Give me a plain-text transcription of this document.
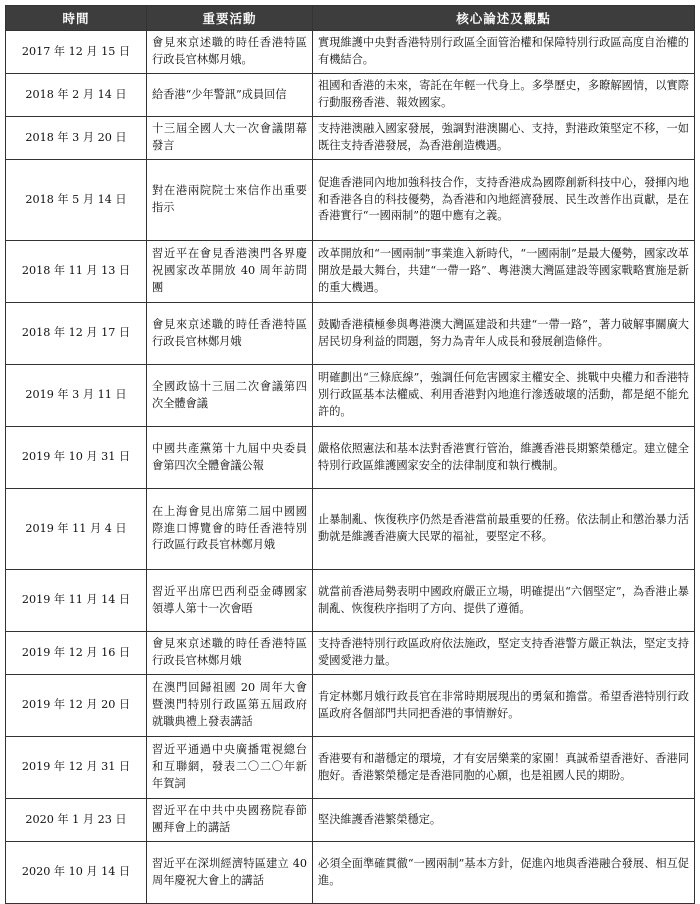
時間	重要活動	核心論述及觀點
2017 年 12 月 15 日	會見來京述職的時任香港特區行政長官林鄭月娥。	實現維護中央對香港特別行政區全面管治權和保障特別行政區高度自治權的有機結合。
2018 年 2 月 14 日	給香港“少年警訊”成員回信	祖國和香港的未來，寄託在年輕一代身上。多學歷史，多瞭解國情，以實際行動服務香港、報效國家。
2018 年 3 月 20 日	十三屆全國人大一次會議閉幕發言	支持港澳融入國家發展，強調對港澳關心、支持，對港政策堅定不移，一如既往支持香港發展，為香港創造機遇。
2018 年 5 月 14 日	對在港兩院院士來信作出重要指示	促進香港同內地加強科技合作，支持香港成為國際創新科技中心，發揮內地和香港各自的科技優勢，為香港和內地經濟發展、民生改善作出貢獻，是在香港實行“一國兩制”的題中應有之義。
2018 年 11 月 13 日	習近平在會見香港澳門各界慶祝國家改革開放 40 周年訪問團	改革開放和“一國兩制”事業進入新時代，“一國兩制”是最大優勢，國家改革開放是最大舞台，共建“一帶一路”、粵港澳大灣區建設等國家戰略實施是新的重大機遇。
2018 年 12 月 17 日	會見來京述職的時任香港特區行政長官林鄭月娥	鼓勵香港積極參與粵港澳大灣區建設和共建“一帶一路”，著力破解事關廣大居民切身利益的問題，努力為青年人成長和發展創造條件。
2019 年 3 月 11 日	全國政協十三屆二次會議第四次全體會議	明確劃出“三條底線”，強調任何危害國家主權安全、挑戰中央權力和香港特別行政區基本法權威、利用香港對內地進行滲透破壞的活動，都是絕不能允許的。
2019 年 10 月 31 日	中國共產黨第十九屆中央委員會第四次全體會議公報	嚴格依照憲法和基本法對香港實行管治，維護香港長期繁榮穩定。建立健全特別行政區維護國家安全的法律制度和執行機制。
2019 年 11 月 4 日	在上海會見出席第二屆中國國際進口博覽會的時任香港特別行政區行政長官林鄭月娥	止暴制亂、恢復秩序仍然是香港當前最重要的任務。依法制止和懲治暴力活動就是維護香港廣大民眾的福祉，要堅定不移。
2019 年 11 月 14 日	習近平出席巴西利亞金磚國家領導人第十一次會晤	就當前香港局勢表明中國政府嚴正立場，明確提出“六個堅定”，為香港止暴制亂、恢復秩序指明了方向、提供了遵循。
2019 年 12 月 16 日	會見來京述職的時任香港特區行政長官林鄭月娥	支持香港特別行政區政府依法施政，堅定支持香港警方嚴正執法，堅定支持愛國愛港力量。
2019 年 12 月 20 日	在澳門回歸祖國 20 周年大會暨澳門特別行政區第五屆政府就職典禮上發表講話	肯定林鄭月娥行政長官在非常時期展現出的勇氣和擔當。希望香港特別行政區政府各個部門共同把香港的事情辦好。
2019 年 12 月 31 日	習近平通過中央廣播電視總台和互聯網，發表二〇二〇年新年賀詞	香港要有和諧穩定的環境，才有安居樂業的家園！真誠希望香港好、香港同胞好。香港繁榮穩定是香港同胞的心願，也是祖國人民的期盼。
2020 年 1 月 23 日	習近平在中共中央國務院春節團拜會上的講話	堅決維護香港繁榮穩定。
2020 年 10 月 14 日	習近平在深圳經濟特區建立 40 周年慶祝大會上的講話	必須全面準確貫徹“一國兩制”基本方針，促進內地與香港融合發展、相互促進。
